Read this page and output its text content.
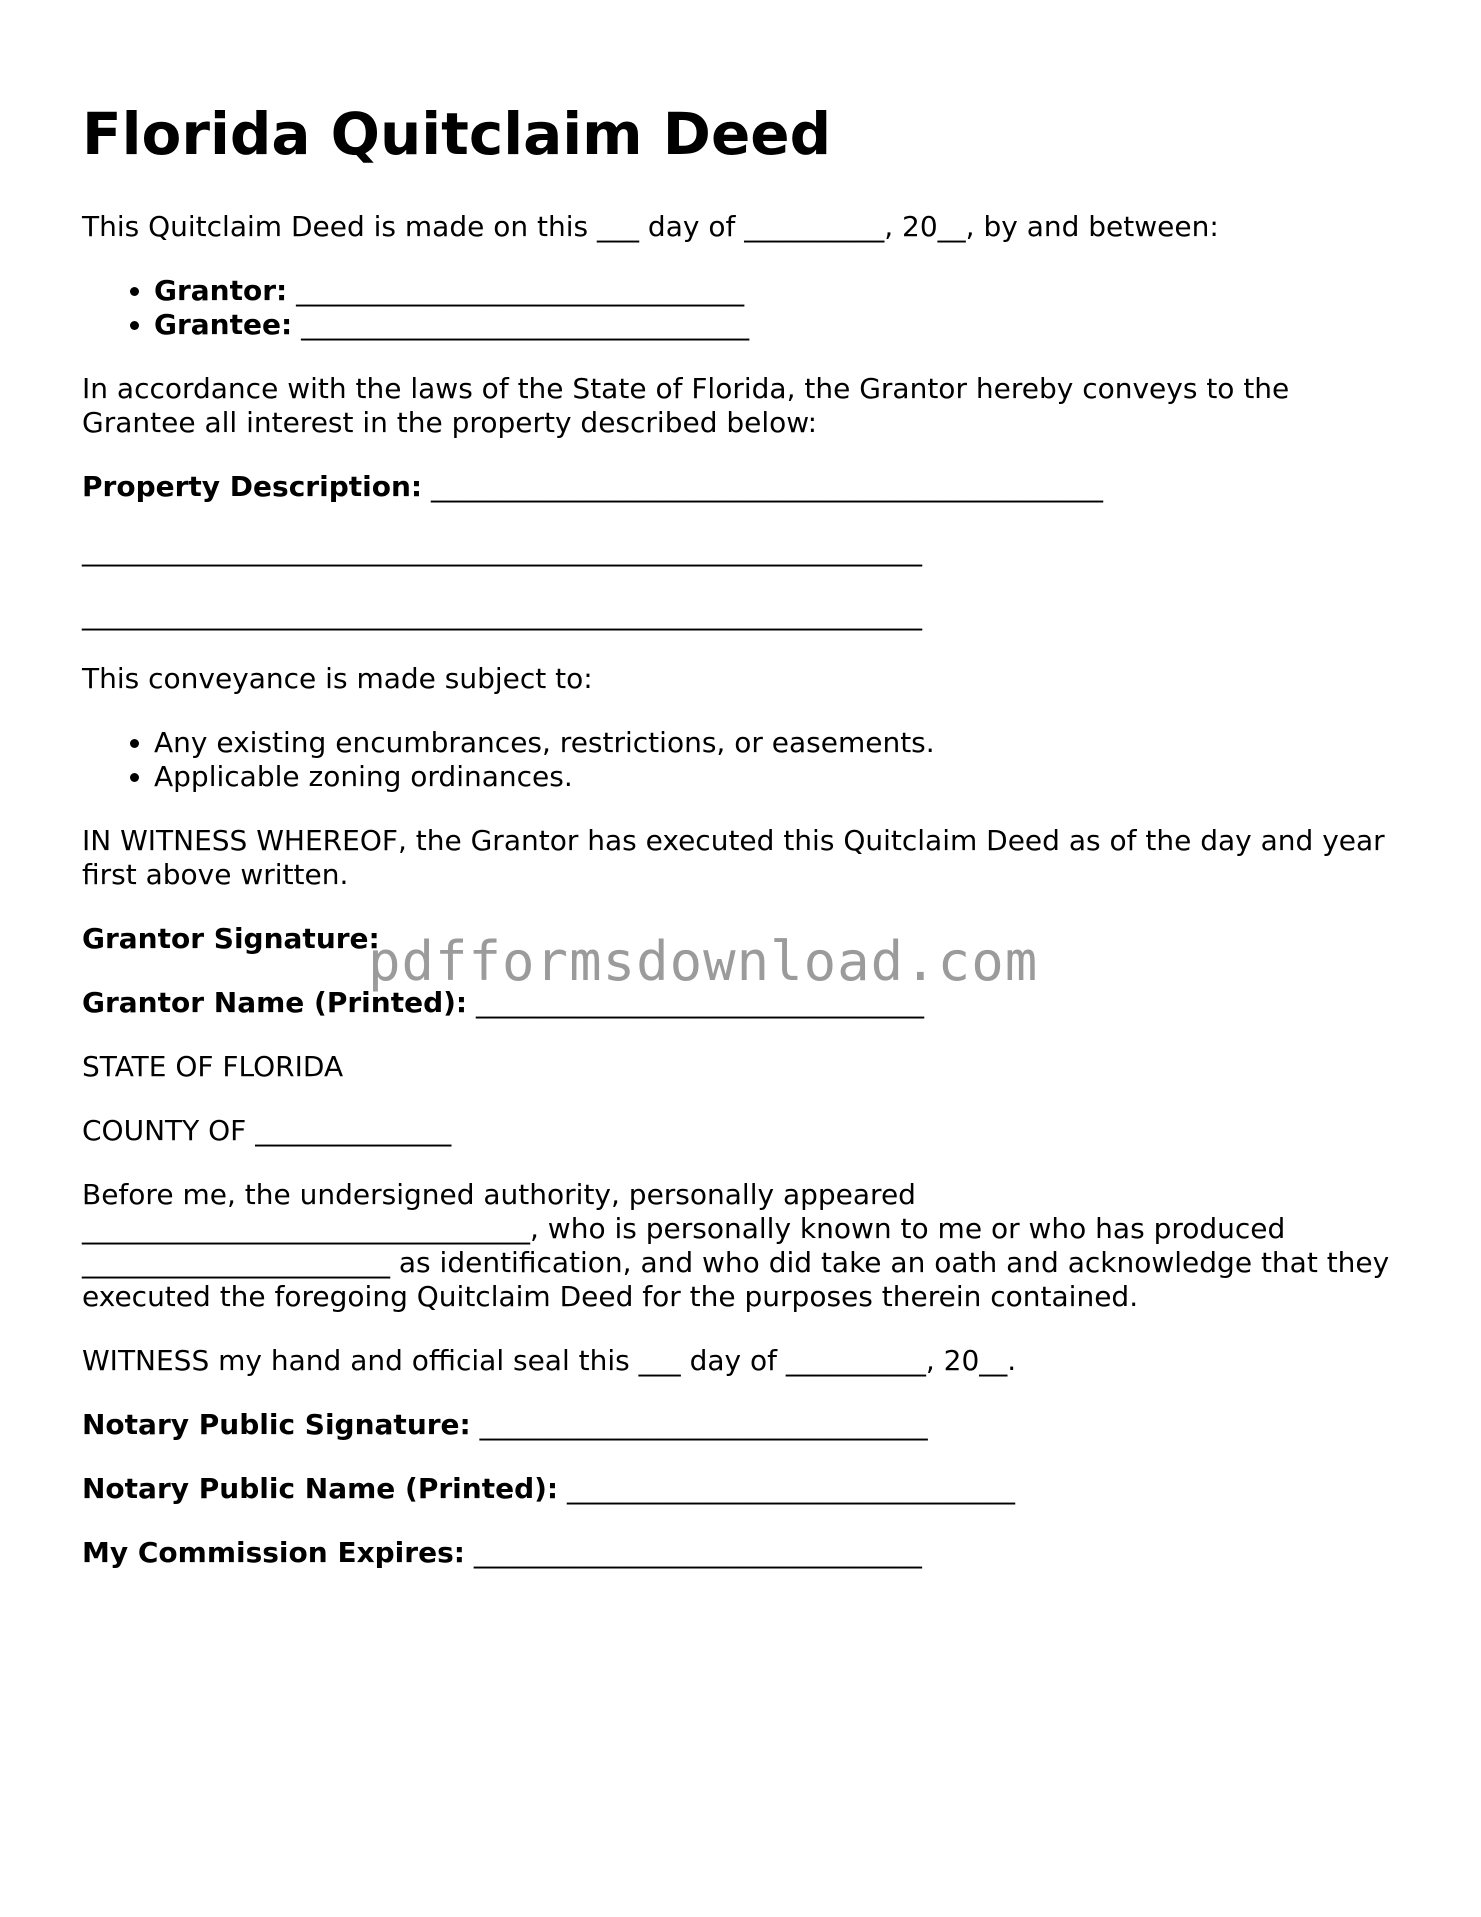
Florida Quitclaim Deed

This Quitclaim Deed is made on this ___ day of __________, 20__, by and between:

• Grantor: ________________________________
• Grantee: ________________________________

In accordance with the laws of the State of Florida, the Grantor hereby conveys to the Grantee all interest in the property described below:

Property Description: ________________________________________________

____________________________________________________________
____________________________________________________________

This conveyance is made subject to:

• Any existing encumbrances, restrictions, or easements.
• Applicable zoning ordinances.

IN WITNESS WHEREOF, the Grantor has executed this Quitclaim Deed as of the day and year first above written.

Grantor Signature:

Grantor Name (Printed): ________________________________

STATE OF FLORIDA

COUNTY OF ______________

Before me, the undersigned authority, personally appeared
________________________________, who is personally known to me or who has produced
______________________ as identification, and who did take an oath and acknowledge that they executed the foregoing Quitclaim Deed for the purposes therein contained.

WITNESS my hand and official seal this ___ day of __________, 20__.

Notary Public Signature: ________________________________

Notary Public Name (Printed): ________________________________

My Commission Expires: ________________________________

pdfformsdownload.com
